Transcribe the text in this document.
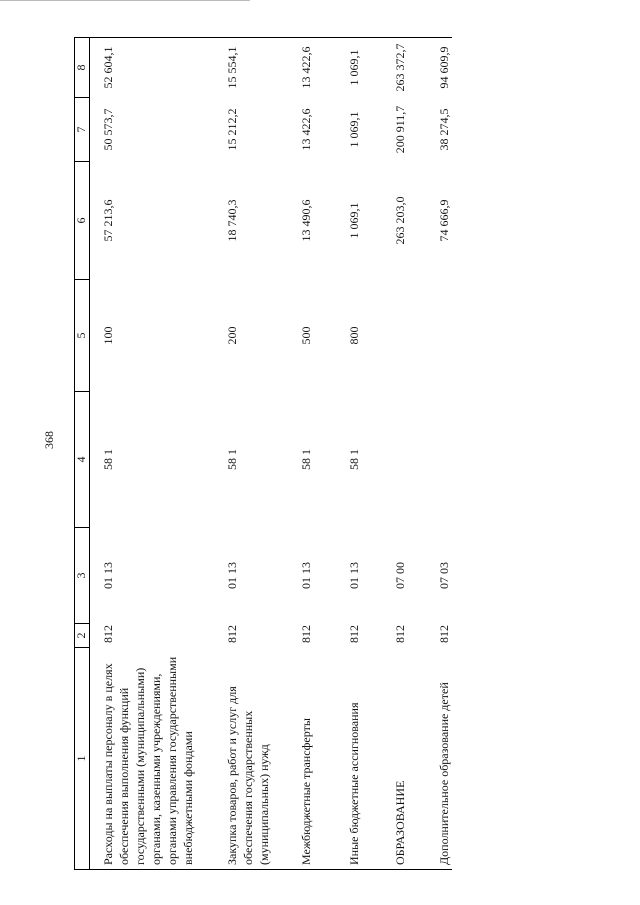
368
1	2	3	4	5	6	7	8
Расходы на выплаты персоналу в целях обеспечения выполнения функций государственными (муниципальными) органами, казенными учреждениями, органами управления государственными внебюджетными фондами	812	01 13	58 1	100	57 213,6	50 573,7	52 604,1
Закупка товаров, работ и услуг для обеспечения государственных (муниципальных) нужд	812	01 13	58 1	200	18 740,3	15 212,2	15 554,1
Межбюджетные трансферты	812	01 13	58 1	500	13 490,6	13 422,6	13 422,6
Иные бюджетные ассигнования	812	01 13	58 1	800	1 069,1	1 069,1	1 069,1
ОБРАЗОВАНИЕ	812	07 00			263 203,0	200 911,7	263 372,7
Дополнительное образование детей	812	07 03			74 666,9	38 274,5	94 609,9
